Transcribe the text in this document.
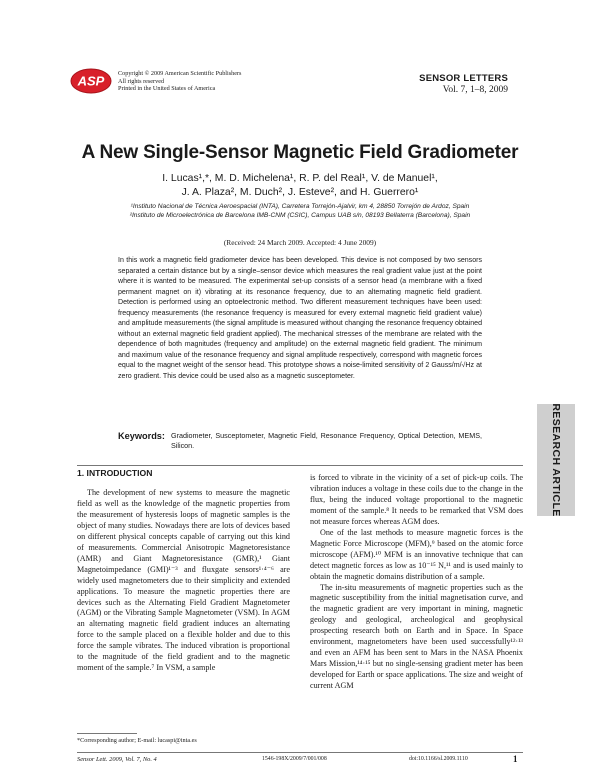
ASP Copyright © 2009 American Scientific Publishers
All rights reserved
Printed in the United States of America
SENSOR LETTERS
Vol. 7, 1–8, 2009
A New Single-Sensor Magnetic Field Gradiometer
I. Lucas¹,*, M. D. Michelena¹, R. P. del Real¹, V. de Manuel¹,
J. A. Plaza², M. Duch², J. Esteve², and H. Guerrero¹
¹Instituto Nacional de Técnica Aeroespacial (INTA), Carretera Torrejón-Ajalvir, km 4, 28850 Torrejón de Ardoz, Spain
²Instituto de Microelectrónica de Barcelona IMB-CNM (CSIC), Campus UAB s/n, 08193 Bellaterra (Barcelona), Spain
(Received: 24 March 2009. Accepted: 4 June 2009)
In this work a magnetic field gradiometer device has been developed. This device is not composed by two sensors separated a certain distance but by a single–sensor device which measures the real gradient value just at the point where it is wanted to be measured. The experimental set-up consists of a sensor head (a membrane with a fixed permanent magnet on it) vibrating at its resonance frequency, due to an alternating magnetic field gradient. Detection is performed using an optoelectronic method. Two different measurement techniques have been used: frequency measurements (the resonance frequency is measured for every external magnetic field gradient value) and amplitude measurements (the signal amplitude is measured without changing the resonance frequency obtained without an external magnetic field gradient applied). The mechanical stresses of the membrane are related with the dependence of both magnitudes (frequency and amplitude) on the external magnetic field gradient. The minimum and maximum value of the resonance frequency and signal amplitude respectively, correspond with magnetic forces equal to the magnet weight of the sensor head. This prototype shows a noise-limited sensitivity of 2 Gauss/m/√Hz at zero gradient. This device could be used also as a magnetic susceptometer.
Keywords: Gradiometer, Susceptometer, Magnetic Field, Resonance Frequency, Optical Detection, MEMS, Silicon.	RESEARCH ARTICLE
1. INTRODUCTION

The development of new systems to measure the magnetic field as well as the knowledge of the magnetic properties from the measurement of hysteresis loops of magnetic samples is the object of many studies. Nowadays there are lots of devices based on different physical concepts capable of carrying out this kind of measurements. Commercial Anisotropic Magnetoresistance (AMR) and Giant Magnetoresistance (GMR),¹ Giant Magnetoimpedance (GMI)¹⁻³ and fluxgate sensors¹·⁴⁻⁶ are widely used magnetometers due to their simplicity and extended applications. To measure the magnetic properties there are devices such as the Alternating Field Gradient Magnetometer (AGM) or the Vibrating Sample Magnetometer (VSM). In AGM an alternating magnetic field gradient induces an alternating force to the sample placed on a flexible holder and due to this force the sample vibrates. The induced vibration is proportional to the magnitude of the field gradient and to the magnetic moment of the sample.⁷ In VSM, a sample

is forced to vibrate in the vicinity of a set of pick-up coils. The vibration induces a voltage in these coils due to the change in the flux, being the induced voltage proportional to the magnetic moment of the sample.⁸ It needs to be remarked that VSM does not measure forces whereas AGM does.

One of the last methods to measure magnetic forces is the Magnetic Force Microscope (MFM),⁹ based on the atomic force microscope (AFM).¹⁰ MFM is an innovative technique that can detect magnetic forces as low as 10⁻¹⁵ N,¹¹ and is used mainly to obtain the magnetic domains distribution of a sample.

The in-situ measurements of magnetic properties such as the magnetic susceptibility from the initial magnetisation curve, and the magnetic gradient are very important in mining, magnetic geology and geological, archeological and geophysical prospecting research both on Earth and in Space. In Space environment, magnetometers have been used successfully¹²·¹³ and even an AFM has been sent to Mars in the NASA Phoenix Mars Mission,¹⁴·¹⁵ but no single-sensing gradient meter has been developed for Earth or space applications. The size and weight of current AGM

*Corresponding author; E-mail: lucaspi@inta.es
Sensor Lett. 2009, Vol. 7, No. 4	1546-198X/2009/7/001/008	doi:10.1166/sl.2009.1110	1
